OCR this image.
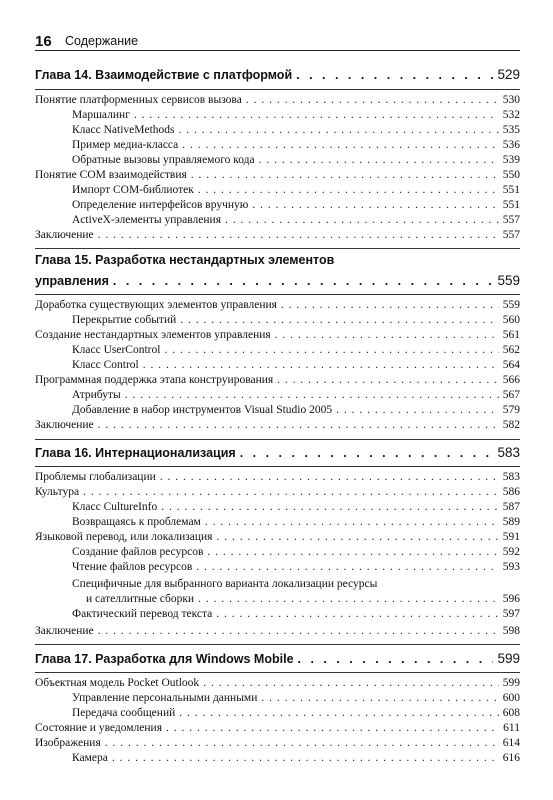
16 Содержание
Глава 14. Взаимодействие с платформой . . .	529
Понятие платформенных сервисов вызова . . .	530
Маршалинг . . .	532
Класс NativeMethods . . .	535
Пример медиа-класса . . .	536
Обратные вызовы управляемого кода . . .	539
Понятие COM взаимодействия . . .	550
Импорт COM-библиотек . . .	551
Определение интерфейсов вручную . . .	551
ActiveX-элементы управления . . .	557
Заключение . . .	557
Глава 15. Разработка нестандартных элементов
управления . . .	559
Доработка существующих элементов управления . . .	559
Перекрытие событий . . .	560
Создание нестандартных элементов управления . . .	561
Класс UserControl . . .	562
Класс Control . . .	564
Программная поддержка этапа конструирования . . .	566
Атрибуты . . .	567
Добавление в набор инструментов Visual Studio 2005 . . .	579
Заключение . . .	582
Глава 16. Интернационализация . . .	583
Проблемы глобализации . . .	583
Культура . . .	586
Класс CultureInfo . . .	587
Возвращаясь к проблемам . . .	589
Языковой перевод, или локализация . . .	591
Создание файлов ресурсов . . .	592
Чтение файлов ресурсов . . .	593
Специфичные для выбранного варианта локализации ресурсы
и сателлитные сборки . . .	596
Фактический перевод текста . . .	597
Заключение . . .	598
Глава 17. Разработка для Windows Mobile . . .	599
Объектная модель Pocket Outlook . . .	599
Управление персональными данными . . .	600
Передача сообщений . . .	608
Состояние и уведомления . . .	611
Изображения . . .	614
Камера . . .	616
